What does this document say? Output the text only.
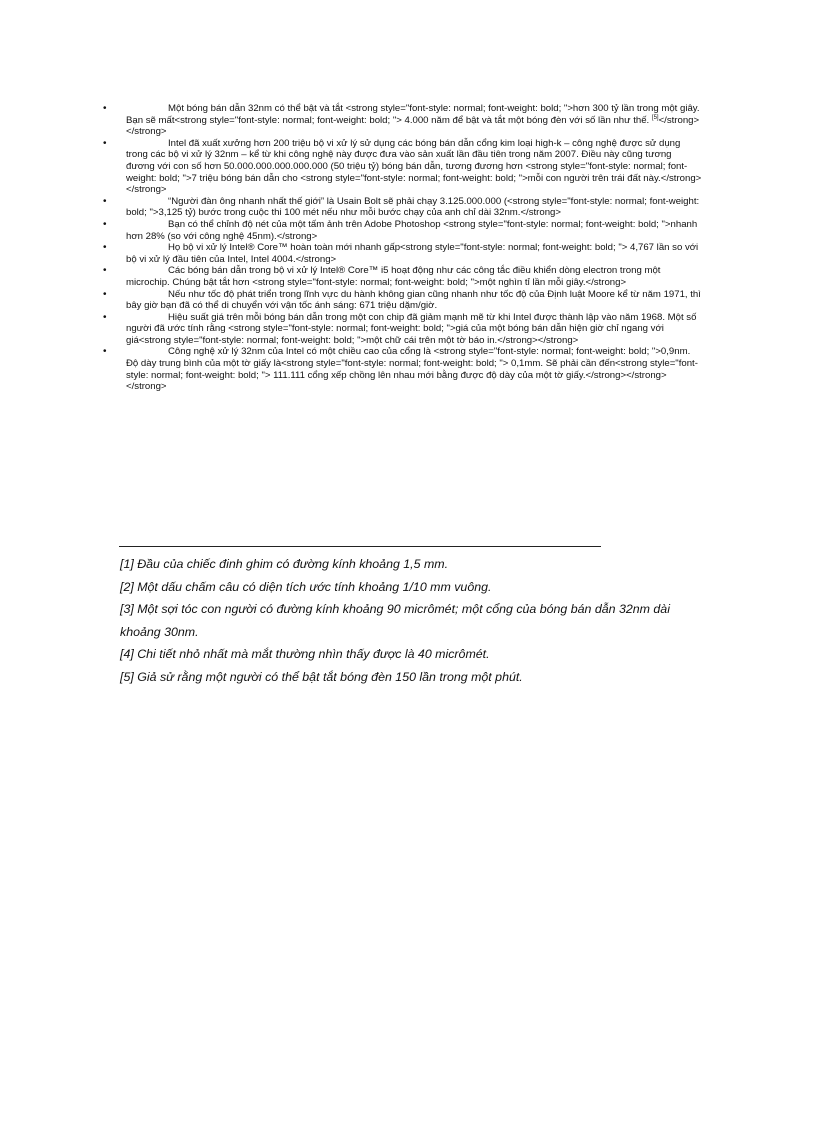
•	Một bóng bán dẫn 32nm có thể bật và tắt <strong style="font-style: normal; font-weight: bold; ">hơn 300 tỷ lần trong một giây. Bạn sẽ mất<strong style="font-style: normal; font-weight: bold; "> 4.000 năm để bật và tắt một bóng đèn với số lần như thế. [5]</strong></strong>
•	Intel đã xuất xưởng hơn 200 triệu bộ vi xử lý sử dụng các bóng bán dẫn cổng kim loại high-k – công nghệ được sử dụng trong các bộ vi xử lý 32nm – kể từ khi công nghệ này được đưa vào sản xuất lần đầu tiên trong năm 2007. Điều này cũng tương đương với con số hơn 50.000.000.000.000.000 (50 triệu tỷ) bóng bán dẫn, tương đương hơn <strong style="font-style: normal; font-weight: bold; ">7 triệu bóng bán dẫn cho <strong style="font-style: normal; font-weight: bold; ">mỗi con người trên trái đất này.</strong></strong>
•	“Người đàn ông nhanh nhất thế giới” là Usain Bolt sẽ phải chạy 3.125.000.000 (<strong style="font-style: normal; font-weight: bold; ">3,125 tỷ) bước trong cuộc thi 100 mét nếu như mỗi bước chạy của anh chỉ dài 32nm.</strong>
•	Bạn có thể chỉnh độ nét của một tấm ảnh trên Adobe Photoshop <strong style="font-style: normal; font-weight: bold; ">nhanh hơn 28% (so với công nghệ 45nm).</strong>
•	Họ bộ vi xử lý Intel® Core™ hoàn toàn mới nhanh gấp<strong style="font-style: normal; font-weight: bold; "> 4,767 lần so với bộ vi xử lý đầu tiên của Intel, Intel 4004.</strong>
•	Các bóng bán dẫn trong bộ vi xử lý Intel® Core™ i5 hoạt động như các công tắc điều khiển dòng electron trong một microchip. Chúng bật tắt hơn <strong style="font-style: normal; font-weight: bold; ">một nghìn tỉ lần mỗi giây.</strong>
•	Nếu như tốc độ phát triển trong lĩnh vực du hành không gian cũng nhanh như tốc độ của Định luật Moore kể từ năm 1971, thì bây giờ bạn đã có thể di chuyển với vận tốc ánh sáng: 671 triệu dặm/giờ.
•	Hiệu suất giá trên mỗi bóng bán dẫn trong một con chip đã giảm mạnh mẽ từ khi Intel được thành lập vào năm 1968. Một số người đã ước tính rằng <strong style="font-style: normal; font-weight: bold; ">giá của một bóng bán dẫn hiện giờ chỉ ngang với giá<strong style="font-style: normal; font-weight: bold; ">một chữ cái trên một tờ báo in.</strong></strong>
•	Công nghệ xử lý 32nm của Intel có một chiều cao của cổng là <strong style="font-style: normal; font-weight: bold; ">0,9nm. Độ dày trung bình của một tờ giấy là<strong style="font-style: normal; font-weight: bold; "> 0,1mm. Sẽ phải cần đến<strong style="font-style: normal; font-weight: bold; "> 111.111 cổng xếp chồng lên nhau mới bằng được độ dày của một tờ giấy.</strong></strong></strong>

[1] Đầu của chiếc đinh ghim có đường kính khoảng 1,5 mm.

[2] Một dấu chấm câu có diện tích ước tính khoảng 1/10 mm vuông.

[3] Một sợi tóc con người có đường kính khoảng 90 micrômét; một cổng của bóng bán dẫn 32nm dài khoảng 30nm.

[4] Chi tiết nhỏ nhất mà mắt thường nhìn thấy được là 40 micrômét.

[5] Giả sử rằng một người có thể bật tắt bóng đèn 150 lần trong một phút.
